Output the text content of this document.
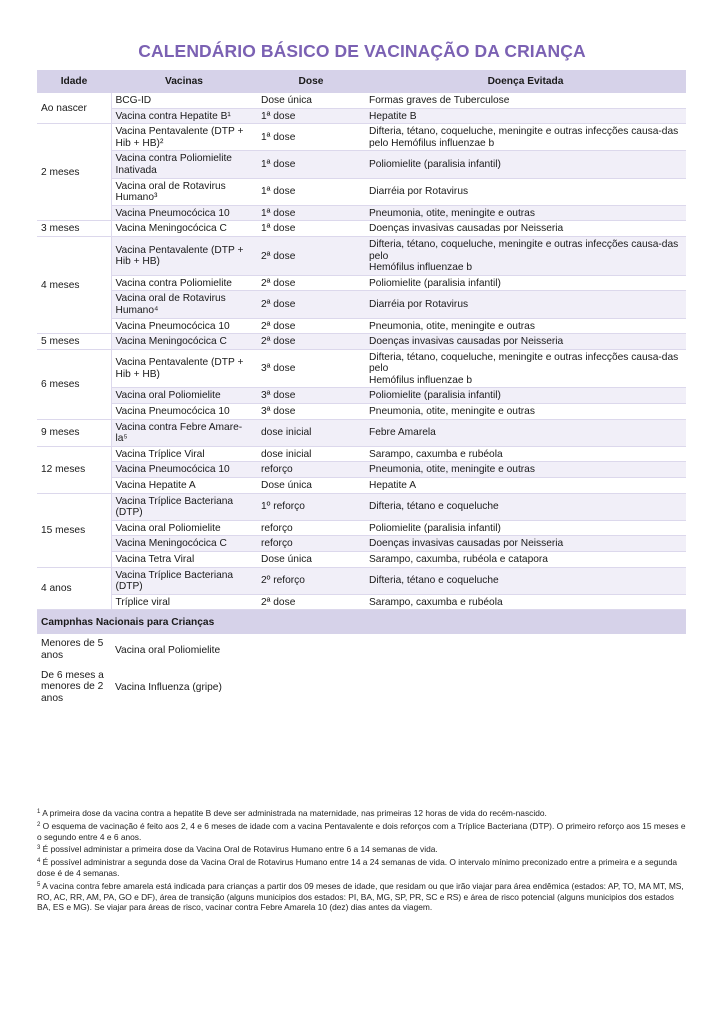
CALENDÁRIO BÁSICO DE VACINAÇÃO DA CRIANÇA
Idade	Vacinas	Dose	Doença Evitada
Ao nascer	BCG-ID	Dose única	Formas graves de Tuberculose
	Vacina contra Hepatite B¹	1ª dose	Hepatite B
2 meses	Vacina Pentavalente (DTP + Hib + HB)²	1ª dose	Difteria, tétano, coqueluche, meningite e outras infecções causa-das pelo Hemófilus influenzae b
	Vacina contra Poliomielite Inativada	1ª dose	Poliomielite (paralisia infantil)
	Vacina oral de Rotavirus Humano³	1ª dose	Diarréia por Rotavirus
	Vacina Pneumocócica 10	1ª dose	Pneumonia, otite, meningite e outras
3 meses	Vacina Meningocócica C	1ª dose	Doenças invasivas causadas por Neisseria
4 meses	Vacina Pentavalente (DTP + Hib + HB)	2ª dose	Difteria, tétano, coqueluche, meningite e outras infecções causa-das pelo
Hemófilus influenzae b
	Vacina contra Poliomielite	2ª dose	Poliomielite (paralisia infantil)
	Vacina oral de Rotavirus Humano⁴	2ª dose	Diarréia por Rotavirus
	Vacina Pneumocócica 10	2ª dose	Pneumonia, otite, meningite e outras
5 meses	Vacina Meningocócica C	2ª dose	Doenças invasivas causadas por Neisseria
6 meses	Vacina Pentavalente (DTP + Hib + HB)	3ª dose	Difteria, tétano, coqueluche, meningite e outras infecções causa-das pelo
Hemófilus influenzae b
	Vacina oral Poliomielite	3ª dose	Poliomielite (paralisia infantil)
	Vacina Pneumocócica 10	3ª dose	Pneumonia, otite, meningite e outras
9 meses	Vacina contra Febre Amare-la⁵	dose inicial	Febre Amarela
12 meses	Vacina Tríplice Viral	dose inicial	Sarampo, caxumba e rubéola
	Vacina Pneumocócica 10	reforço	Pneumonia, otite, meningite e outras
	Vacina Hepatite A	Dose única	Hepatite A
15 meses	Vacina Tríplice Bacteriana (DTP)	1º reforço	Difteria, tétano e coqueluche
	Vacina oral Poliomielite	reforço	Poliomielite (paralisia infantil)
	Vacina Meningocócica C	reforço	Doenças invasivas causadas por Neisseria
	Vacina Tetra Viral	Dose única	Sarampo, caxumba, rubéola e catapora
4 anos	Vacina Tríplice Bacteriana (DTP)	2º reforço	Difteria, tétano e coqueluche
	Tríplice viral	2ª dose	Sarampo, caxumba e rubéola
Campnhas Nacionais para Crianças			
Menores de 5 anos	Vacina oral Poliomielite		
De 6 meses a menores de 2 anos	Vacina Influenza (gripe)		

$^1$ A primeira dose da vacina contra a hepatite B deve ser administrada na maternidade, nas primeiras 12 horas de vida do recém-nascido.

$^2$ O esquema de vacinação é feito aos 2, 4 e 6 meses de idade com a vacina Pentavalente e dois reforços com a Tríplice Bacteriana (DTP). O primeiro reforço aos 15 meses e o segundo entre 4 e 6 anos.

$^3$ É possível administar a primeira dose da Vacina Oral de Rotavirus Humano entre 6 a 14 semanas de vida.

$^4$ É possível administrar a segunda dose da Vacina Oral de Rotavirus Humano entre 14 a 24 semanas de vida. O intervalo mínimo preconizado entre a primeira e a segunda dose é de 4 semanas.

$^5$ A vacina contra febre amarela está indicada para crianças a partir dos 09 meses de idade, que residam ou que irão viajar para área endêmica (estados: AP, TO, MA MT, MS, RO, AC, RR, AM, PA, GO e DF), área de transição (alguns municipios dos estados: PI, BA, MG, SP, PR, SC e RS) e área de risco potencial (alguns municipios dos estados BA, ES e MG). Se viajar para áreas de risco, vacinar contra Febre Amarela 10 (dez) dias antes da viagem.
